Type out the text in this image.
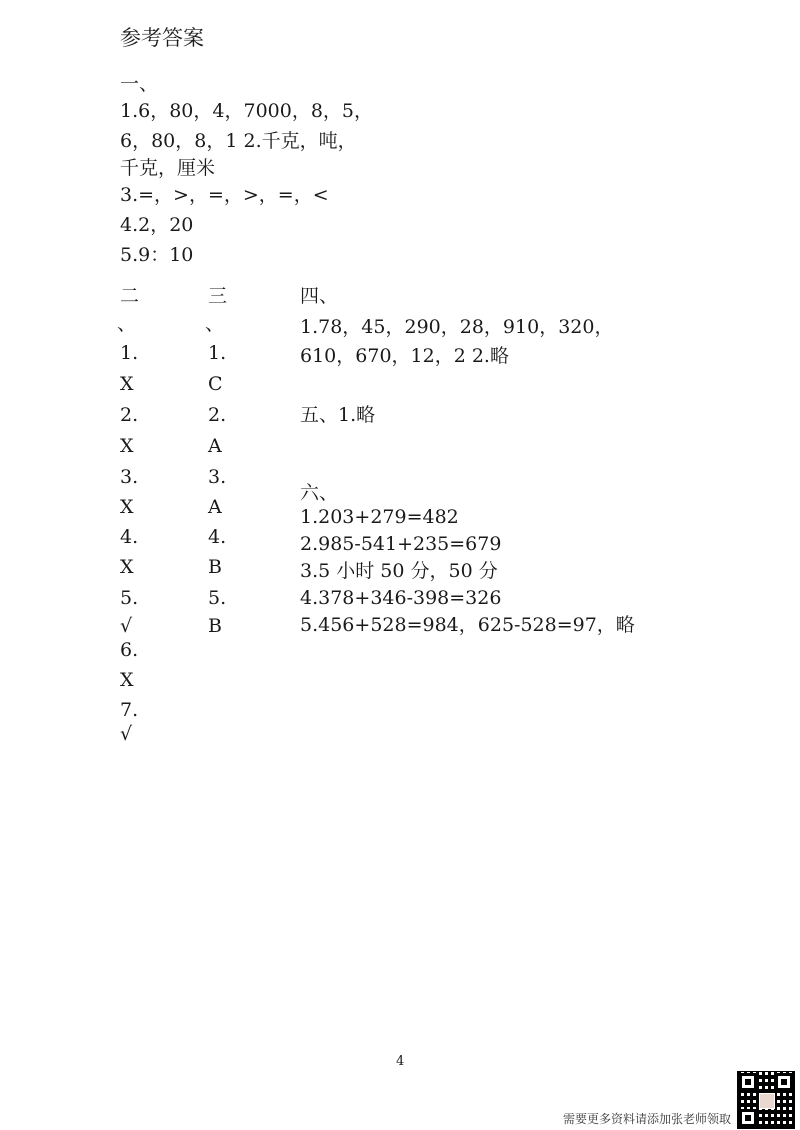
参考答案
一、
1.6，80，4，7000，8，5，
6，80，8，1 2.千克，吨，
千克，厘米
3.=，>，=，>，=，<
4.2，20
5.9：10
二
、
1.
X
2.
X
3.
X
4.
X
5.
√
6.
X
7.
√
三
、
1.
C
2.
A
3.
A
4.
B
5.
B
四、
1.78，45，290，28，910，320，
610，670，12，2 2.略
五、1.略
六、
1.203+279=482
2.985-541+235=679
3.5 小时 50 分，50 分
4.378+346-398=326
5.456+528=984，625-528=97，略
4
需要更多资料请添加张老师领取
